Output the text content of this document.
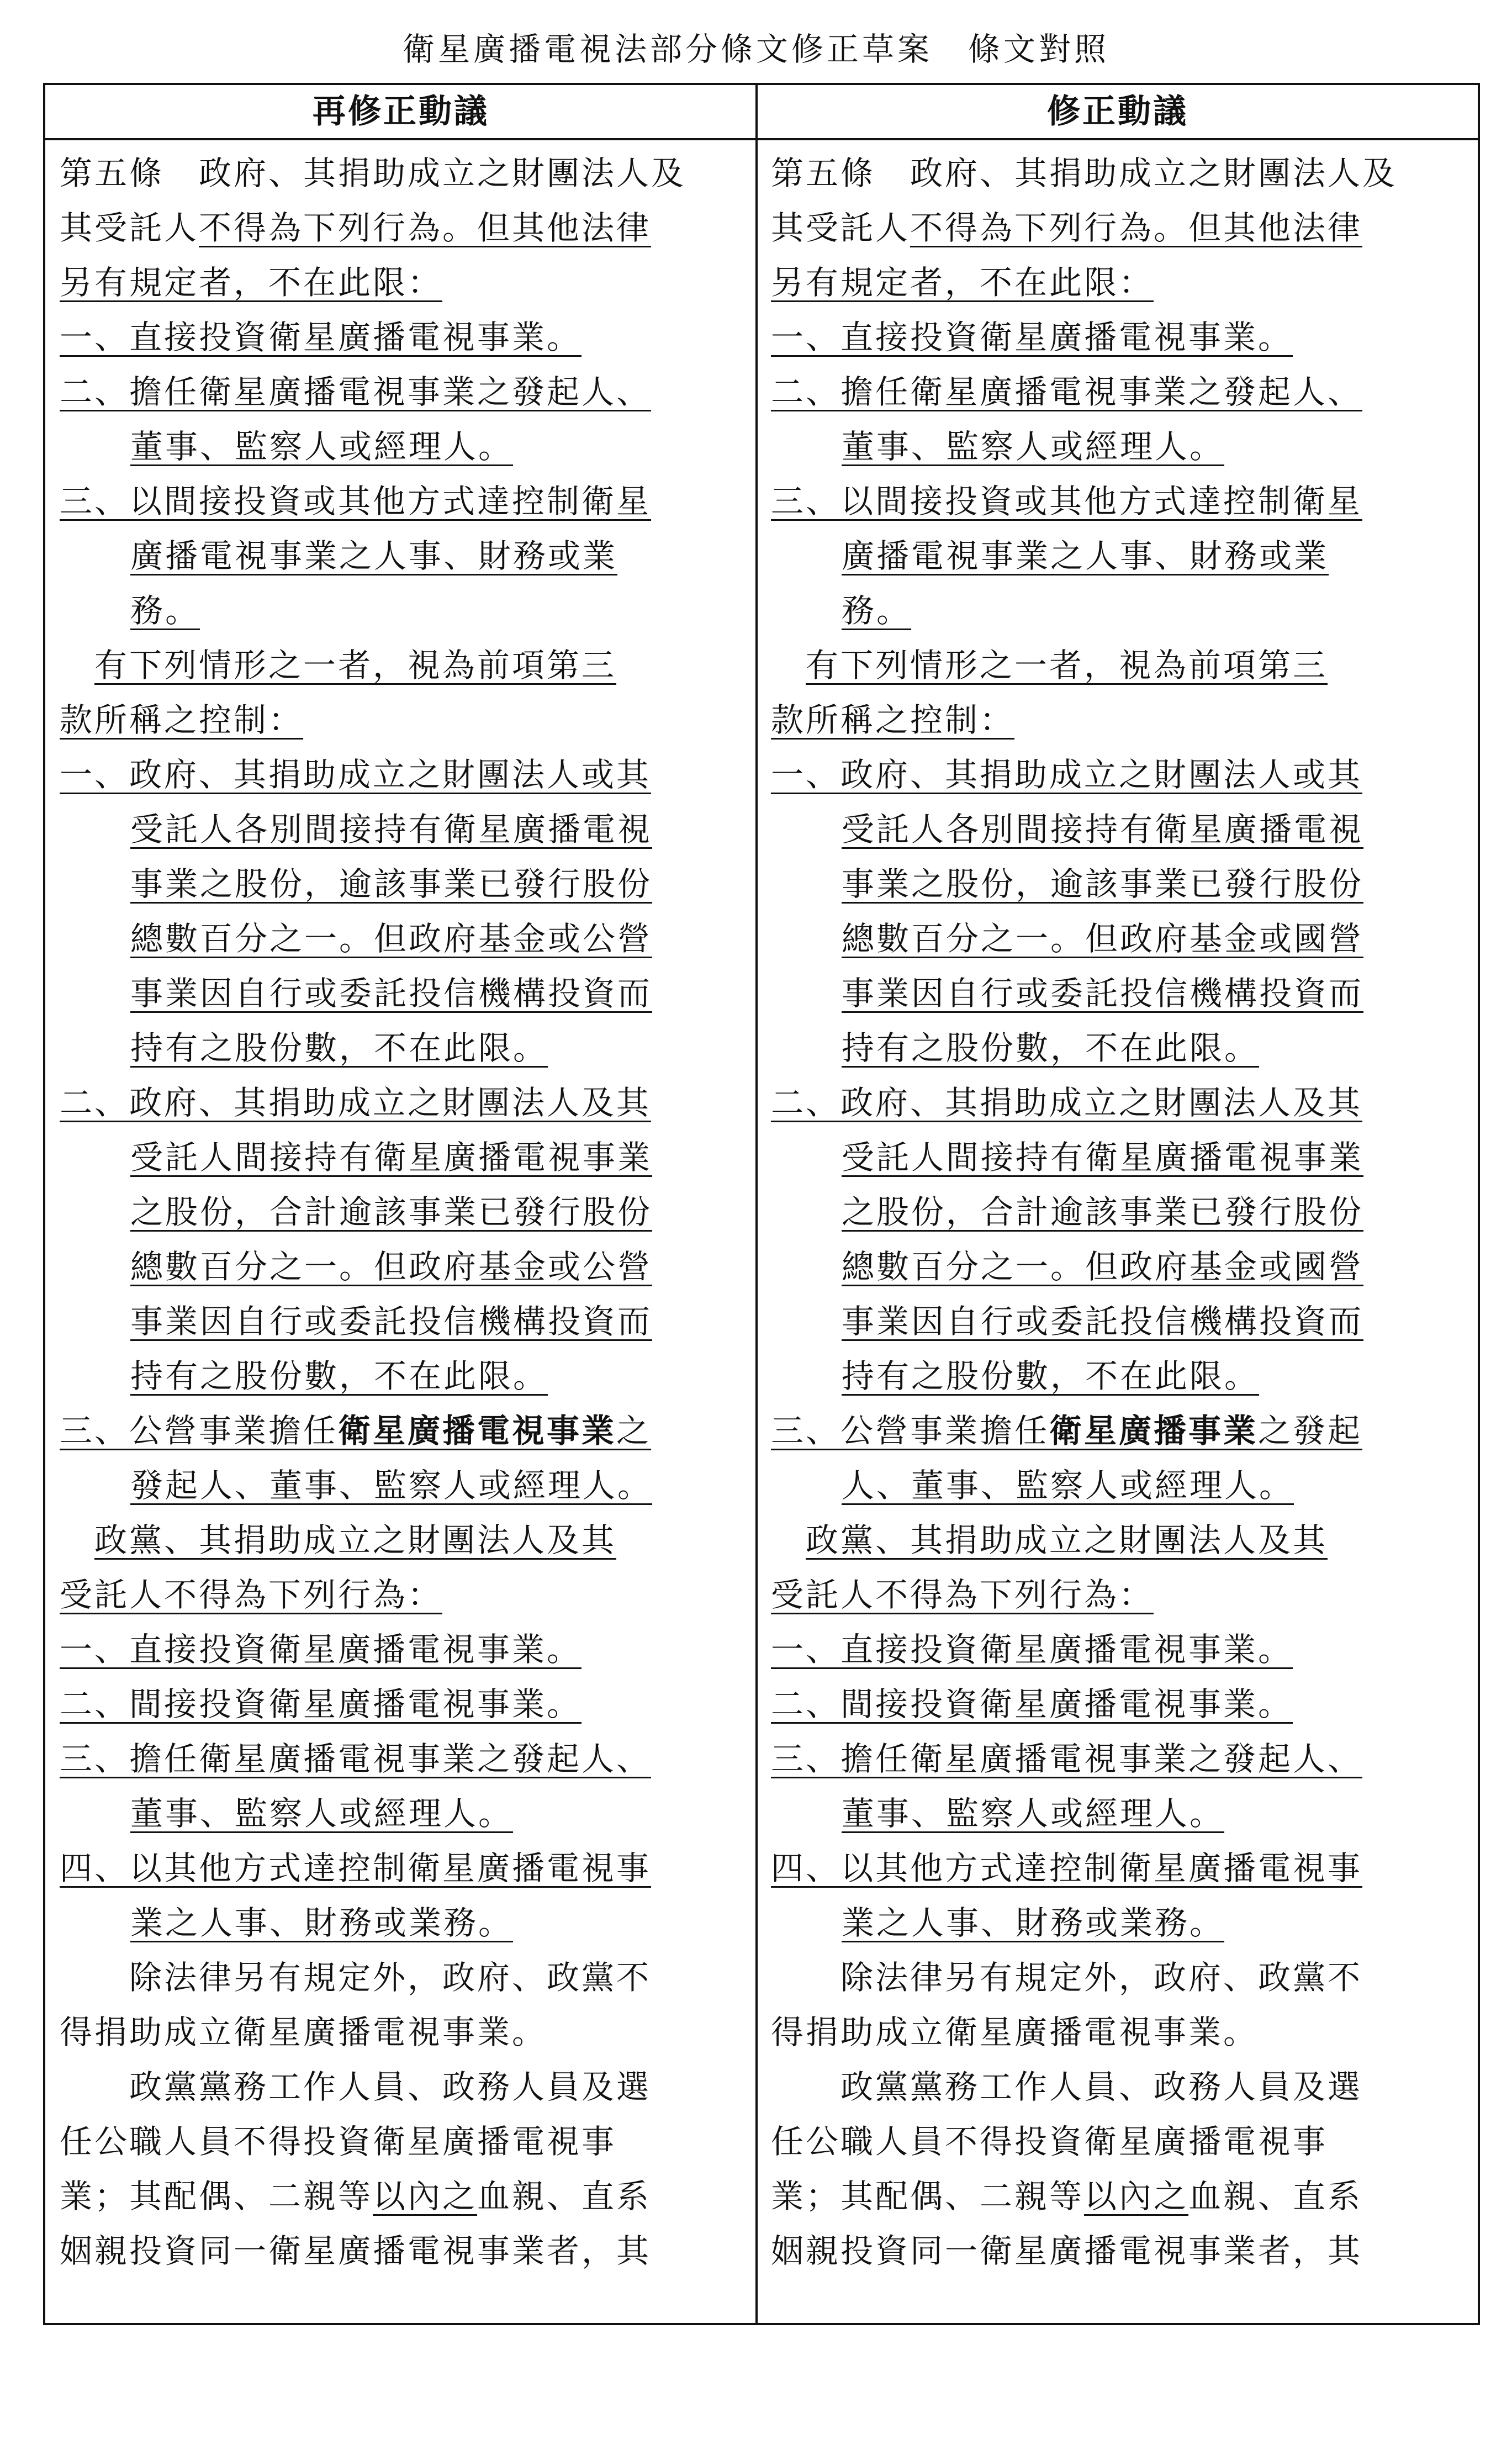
衛星廣播電視法部分條文修正草案　條文對照
再修正動議	修正動議
第五條　政府、其捐助成立之財團法人及
其受託人不得為下列行為。但其他法律
另有規定者，不在此限：
一、直接投資衛星廣播電視事業。
二、擔任衛星廣播電視事業之發起人、
董事、監察人或經理人。
三、以間接投資或其他方式達控制衛星
廣播電視事業之人事、財務或業
務。
　有下列情形之一者，視為前項第三
款所稱之控制：
一、政府、其捐助成立之財團法人或其
受託人各別間接持有衛星廣播電視
事業之股份，逾該事業已發行股份
總數百分之一。但政府基金或公營
事業因自行或委託投信機構投資而
持有之股份數，不在此限。
二、政府、其捐助成立之財團法人及其
受託人間接持有衛星廣播電視事業
之股份，合計逾該事業已發行股份
總數百分之一。但政府基金或公營
事業因自行或委託投信機構投資而
持有之股份數，不在此限。
三、公營事業擔任衛星廣播電視事業之
發起人、董事、監察人或經理人。
　政黨、其捐助成立之財團法人及其
受託人不得為下列行為：
一、直接投資衛星廣播電視事業。
二、間接投資衛星廣播電視事業。
三、擔任衛星廣播電視事業之發起人、
董事、監察人或經理人。
四、以其他方式達控制衛星廣播電視事
業之人事、財務或業務。
　　除法律另有規定外，政府、政黨不
得捐助成立衛星廣播電視事業。
　　政黨黨務工作人員、政務人員及選
任公職人員不得投資衛星廣播電視事
業；其配偶、二親等以內之血親、直系
姻親投資同一衛星廣播電視事業者，其
第五條　政府、其捐助成立之財團法人及
其受託人不得為下列行為。但其他法律
另有規定者，不在此限：
一、直接投資衛星廣播電視事業。
二、擔任衛星廣播電視事業之發起人、
董事、監察人或經理人。
三、以間接投資或其他方式達控制衛星
廣播電視事業之人事、財務或業
務。
　有下列情形之一者，視為前項第三
款所稱之控制：
一、政府、其捐助成立之財團法人或其
受託人各別間接持有衛星廣播電視
事業之股份，逾該事業已發行股份
總數百分之一。但政府基金或國營
事業因自行或委託投信機構投資而
持有之股份數，不在此限。
二、政府、其捐助成立之財團法人及其
受託人間接持有衛星廣播電視事業
之股份，合計逾該事業已發行股份
總數百分之一。但政府基金或國營
事業因自行或委託投信機構投資而
持有之股份數，不在此限。
三、公營事業擔任衛星廣播事業之發起
人、董事、監察人或經理人。
　政黨、其捐助成立之財團法人及其
受託人不得為下列行為：
一、直接投資衛星廣播電視事業。
二、間接投資衛星廣播電視事業。
三、擔任衛星廣播電視事業之發起人、
董事、監察人或經理人。
四、以其他方式達控制衛星廣播電視事
業之人事、財務或業務。
　　除法律另有規定外，政府、政黨不
得捐助成立衛星廣播電視事業。
　　政黨黨務工作人員、政務人員及選
任公職人員不得投資衛星廣播電視事
業；其配偶、二親等以內之血親、直系
姻親投資同一衛星廣播電視事業者，其
